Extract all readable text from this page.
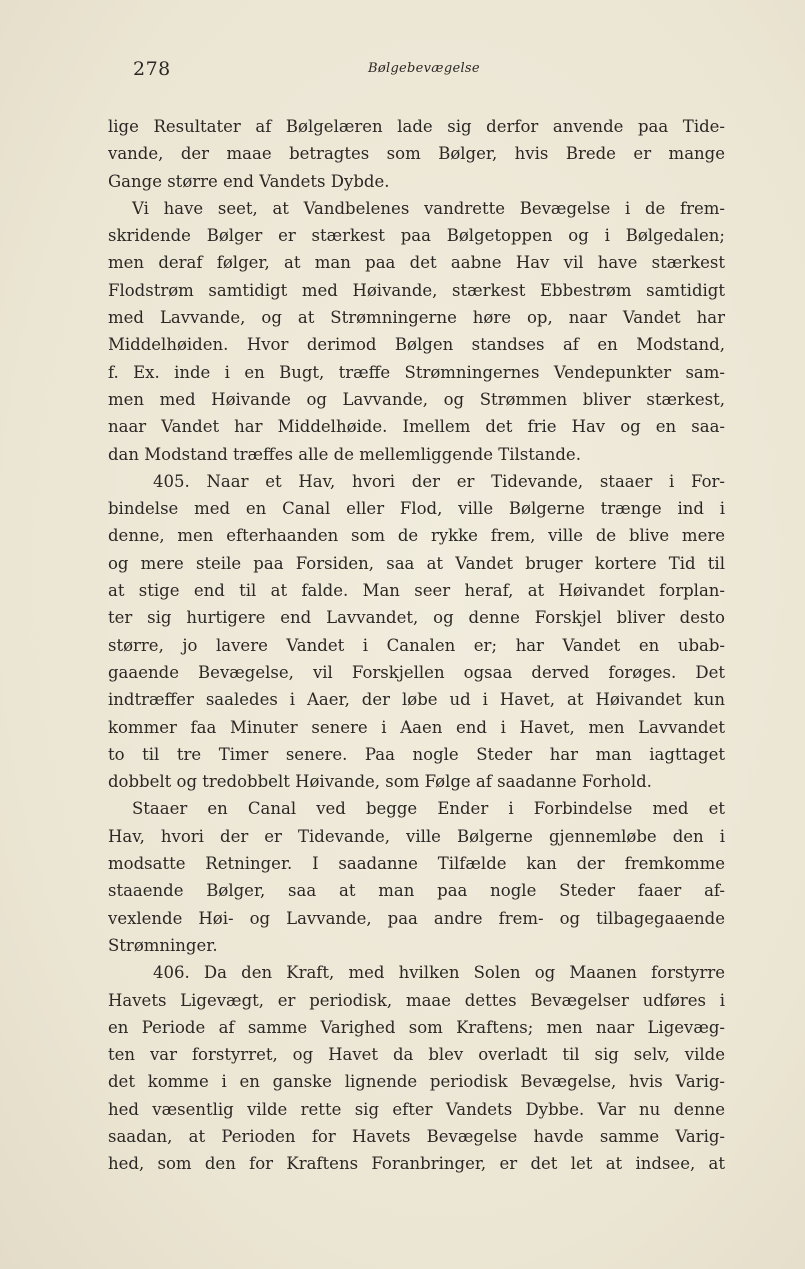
278	Bølgebevægelse
lige Resultater af Bølgelæren lade sig derfor anvende paa Tide-
vande, der maae betragtes som Bølger, hvis Brede er mange
Gange større end Vandets Dybde.
Vi have seet, at Vandbelenes vandrette Bevægelse i de frem-
skridende Bølger er stærkest paa Bølgetoppen og i Bølgedalen;
men deraf følger, at man paa det aabne Hav vil have stærkest
Flodstrøm samtidigt med Høivande, stærkest Ebbestrøm samtidigt
med Lavvande, og at Strømningerne høre op, naar Vandet har
Middelhøiden. Hvor derimod Bølgen standses af en Modstand,
f. Ex. inde i en Bugt, træffe Strømningernes Vendepunkter sam-
men med Høivande og Lavvande, og Strømmen bliver stærkest,
naar Vandet har Middelhøide. Imellem det frie Hav og en saa-
dan Modstand træffes alle de mellemliggende Tilstande.
405. Naar et Hav, hvori der er Tidevande, staaer i For-
bindelse med en Canal eller Flod, ville Bølgerne trænge ind i
denne, men efterhaanden som de rykke frem, ville de blive mere
og mere steile paa Forsiden, saa at Vandet bruger kortere Tid til
at stige end til at falde. Man seer heraf, at Høivandet forplan-
ter sig hurtigere end Lavvandet, og denne Forskjel bliver desto
større, jo lavere Vandet i Canalen er; har Vandet en ubab-
gaaende Bevægelse, vil Forskjellen ogsaa derved forøges. Det
indtræffer saaledes i Aaer, der løbe ud i Havet, at Høivandet kun
kommer faa Minuter senere i Aaen end i Havet, men Lavvandet
to til tre Timer senere. Paa nogle Steder har man iagttaget
dobbelt og tredobbelt Høivande, som Følge af saadanne Forhold.
Staaer en Canal ved begge Ender i Forbindelse med et
Hav, hvori der er Tidevande, ville Bølgerne gjennemløbe den i
modsatte Retninger. I saadanne Tilfælde kan der fremkomme
staaende Bølger, saa at man paa nogle Steder faaer af-
vexlende Høi- og Lavvande, paa andre frem- og tilbagegaaende
Strømninger.
406. Da den Kraft, med hvilken Solen og Maanen forstyrre
Havets Ligevægt, er periodisk, maae dettes Bevægelser udføres i
en Periode af samme Varighed som Kraftens; men naar Ligevæg-
ten var forstyrret, og Havet da blev overladt til sig selv, vilde
det komme i en ganske lignende periodisk Bevægelse, hvis Varig-
hed væsentlig vilde rette sig efter Vandets Dybbe. Var nu denne
saadan, at Perioden for Havets Bevægelse havde samme Varig-
hed, som den for Kraftens Foranbringer, er det let at indsee, at
